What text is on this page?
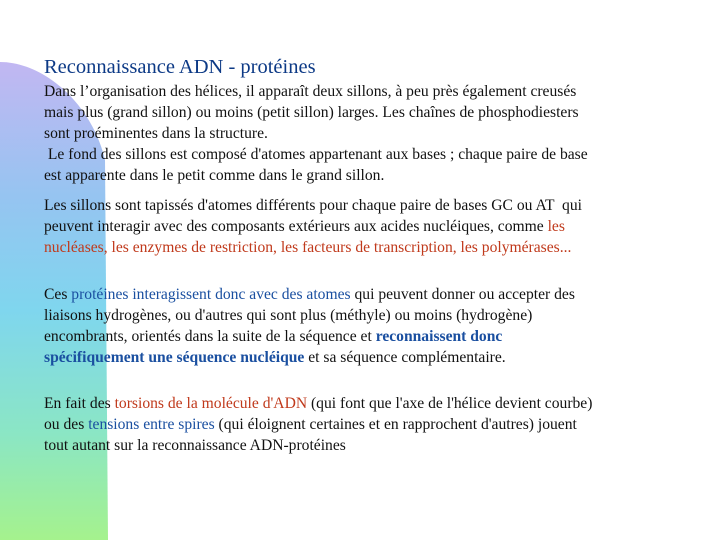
Reconnaissance ADN - protéines
Dans l’organisation des hélices, il apparaît deux sillons, à peu près également creusés
mais plus (grand sillon) ou moins (petit sillon) larges. Les chaînes de phosphodiesters
sont proéminentes dans la structure.
Le fond des sillons est composé d'atomes appartenant aux bases ; chaque paire de base
est apparente dans le petit comme dans le grand sillon.
Les sillons sont tapissés d'atomes différents pour chaque paire de bases GC ou AT  qui
peuvent interagir avec des composants extérieurs aux acides nucléiques, comme les
nucléases, les enzymes de restriction, les facteurs de transcription, les polymérases...
Ces protéines interagissent donc avec des atomes qui peuvent donner ou accepter des
liaisons hydrogènes, ou d'autres qui sont plus (méthyle) ou moins (hydrogène)
encombrants, orientés dans la suite de la séquence et reconnaissent donc
spécifiquement une séquence nucléique et sa séquence complémentaire.
En fait des torsions de la molécule d'ADN (qui font que l'axe de l'hélice devient courbe)
ou des tensions entre spires (qui éloignent certaines et en rapprochent d'autres) jouent
tout autant sur la reconnaissance ADN-protéines
